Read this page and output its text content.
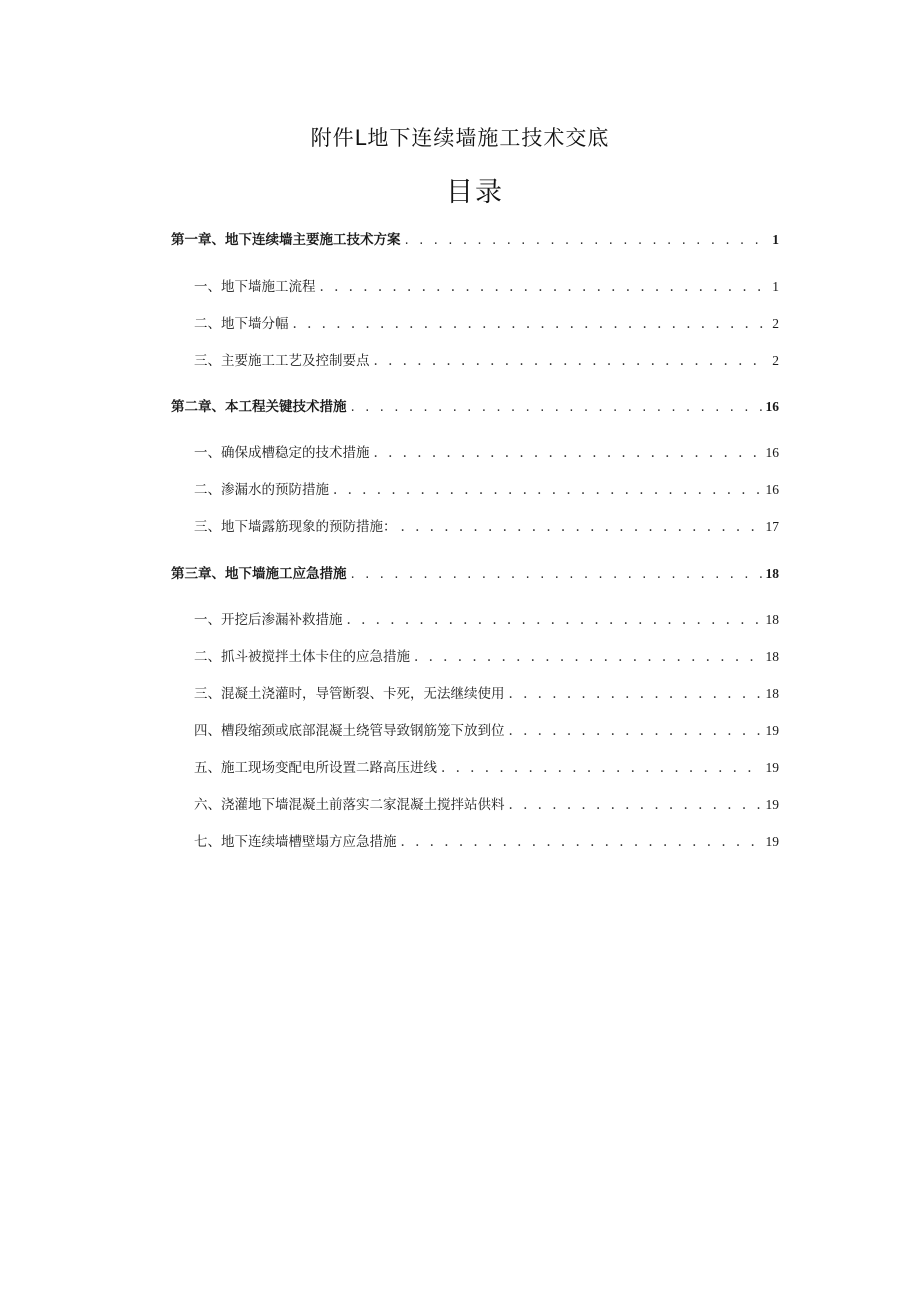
附件L地下连续墙施工技术交底
目录
第一章、地下连续墙主要施工技术方案 . . .	1
一、地下墙施工流程 . . .	1
二、地下墙分幅 . . .	2
三、主要施工工艺及控制要点 . . .	2
第二章、本工程关键技术措施 . . .	16
一、确保成槽稳定的技术措施 . . .	16
二、渗漏水的预防措施 . . .	16
三、地下墙露筋现象的预防措施： . . .	17
第三章、地下墙施工应急措施 . . .	18
一、开挖后渗漏补救措施 . . .	18
二、抓斗被搅拌土体卡住的应急措施 . . .	18
三、混凝土浇灌时，导管断裂、卡死，无法继续使用 . . .	18
四、槽段缩颈或底部混凝土绕管导致钢筋笼下放到位 . . .	19
五、施工现场变配电所设置二路高压进线 . . .	19
六、浇灌地下墙混凝土前落实二家混凝土搅拌站供料 . . .	19
七、地下连续墙槽壁塌方应急措施 . . .	19
